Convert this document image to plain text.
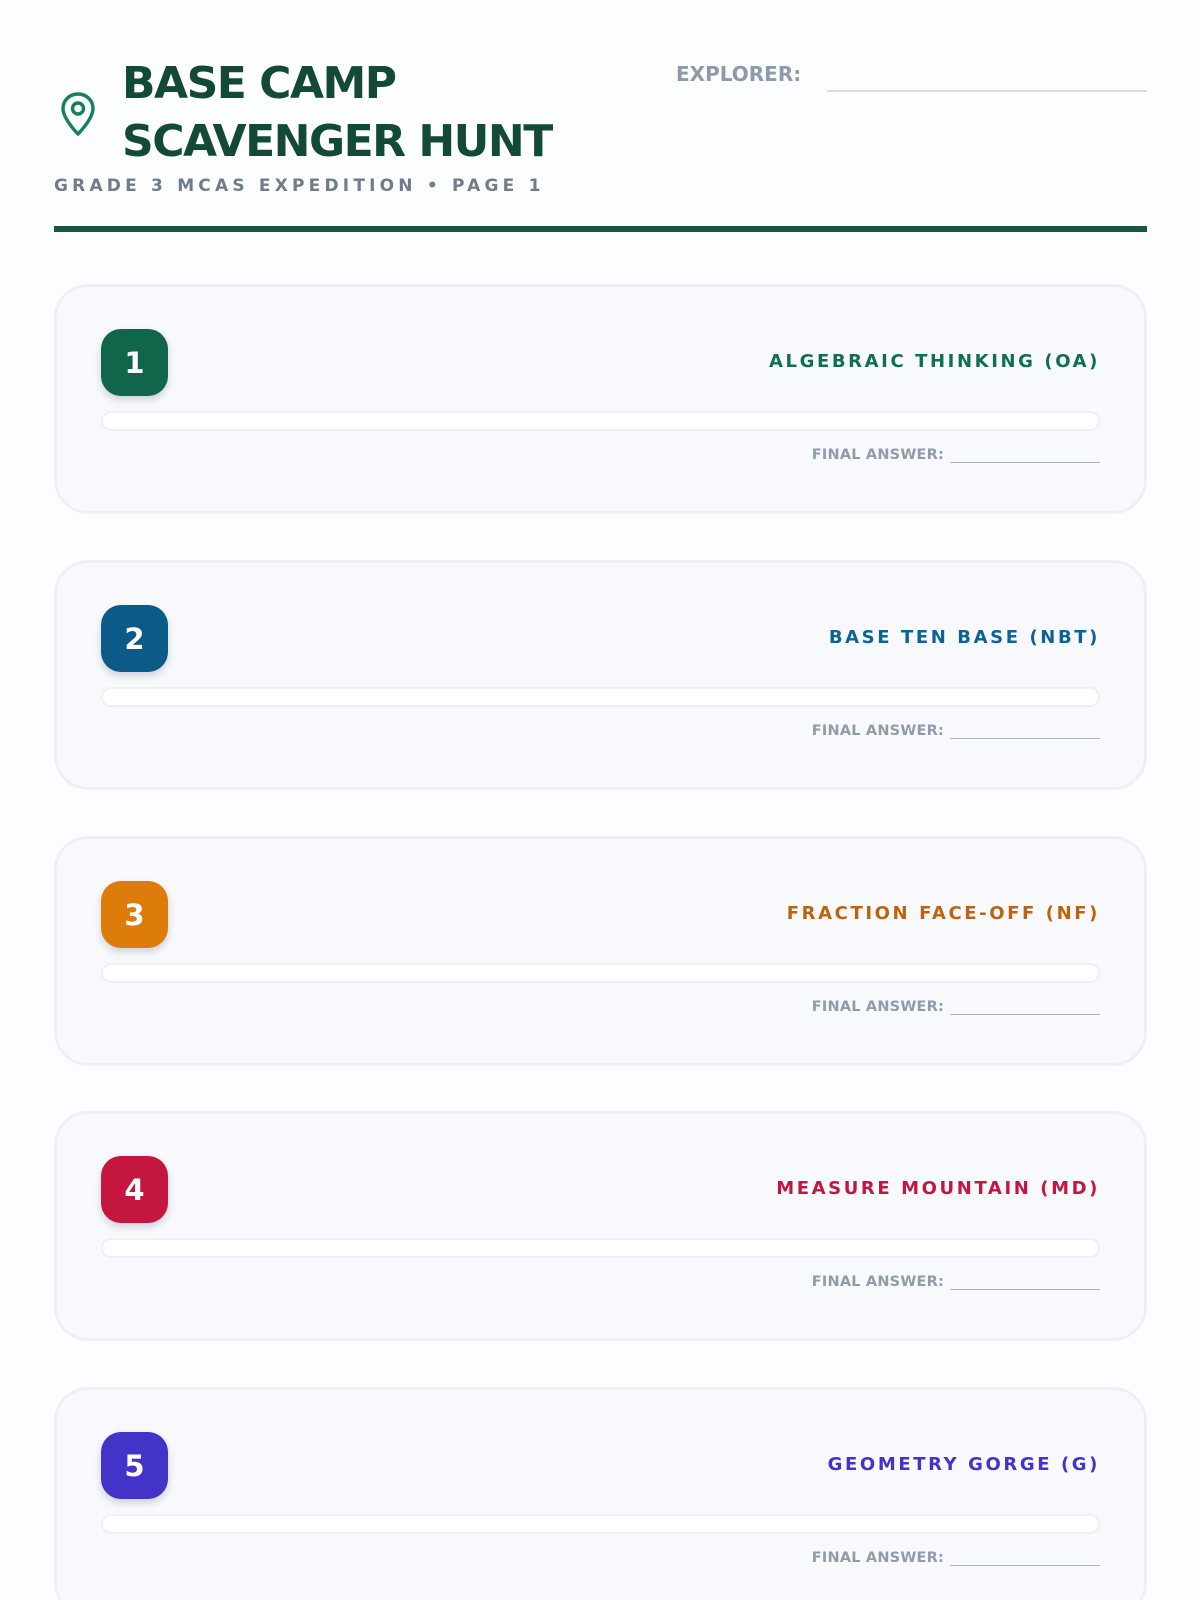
BASE CAMP
SCAVENGER HUNT
GRADE 3 MCAS EXPEDITION • PAGE 1
EXPLORER:
1	ALGEBRAIC THINKING (OA)
FINAL ANSWER:
2	BASE TEN BASE (NBT)
FINAL ANSWER:
3	FRACTION FACE-OFF (NF)
FINAL ANSWER:
4	MEASURE MOUNTAIN (MD)
FINAL ANSWER:
5	GEOMETRY GORGE (G)
FINAL ANSWER:
